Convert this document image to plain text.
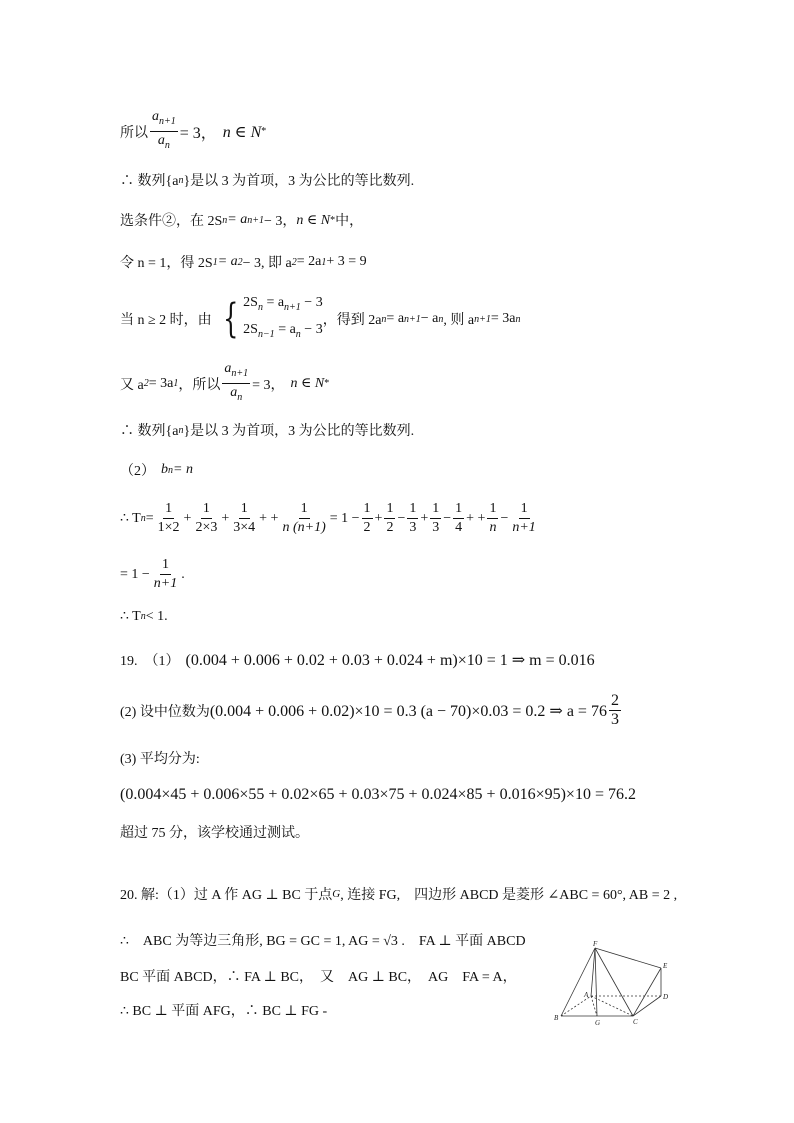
所以 $\frac{a_{n+1}}{a_n} = 3$， n ∈ N *
∴ 数列{a n }是以 3 为首项，3 为公比的等比数列.
选条件②，在 2S n = a n+1 − 3， n ∈ N * 中，
令 n = 1，得 2S 1 = a 2 − 3, 即 a 2 = 2a 1 + 3 = 9
当 n ≥ 2 时，由 { $2S_n = a_{n+1} - 3$
$2S_{n-1} = a_n - 3$
，得到 2a n = a n+1 − a n , 则 a n+1 = 3a n
又 a 2 = 3a 1 ，所以 $\frac{a_{n+1}}{a_n} = 3$， n ∈ N *
∴ 数列{a n }是以 3 为首项，3 为公比的等比数列.
（2） b n = n
∴ T $n = \frac{1}{1\times 2} + \frac{1}{2\times 3} + \frac{1}{3\times 4}$ + + $\frac{1}{n (n+1)} = 1 - \frac{1}{2} + \frac{1}{2} - \frac{1}{3} + \frac{1}{3} - \frac{1}{4}$ + + $\frac{1}{n} - \frac{1}{n+1}$
= $1 - \frac{1}{n+1}$ .
∴ T n < 1.
19.　（1） (0.004 + 0.006 + 0.02 + 0.03 + 0.024 + m)×10 = 1 ⇒ m = 0.016
(2) 设中位数为 (0.004 + 0.006 + 0.02)×10 = 0.3 (a − 70)×0.03 = 0.2 ⇒ $a = 76 \frac{2}{3}$
(3) 平均分为:
(0.004×45 + 0.006×55 + 0.02×65 + 0.03×75 + 0.024×85 + 0.016×95)×10 = 76.2
超过 75 分，该学校通过测试。
20. 解:（1）过 A 作 AG ⊥ BC 于点 G , 连接 FG,　四边形 ABCD 是菱形 ∠ABC = 60°, AB = 2 ,
∴　ABC 为等边三角形, BG = GC = 1, AG = √3 .　FA ⊥ 平面 ABCD
BC 平面 ABCD，∴ FA ⊥ BC，　又　AG ⊥ BC，　AG　FA = A，
∴ BC ⊥ 平面 AFG，∴ BC ⊥ FG -
F
E
D
A
B
G	C
